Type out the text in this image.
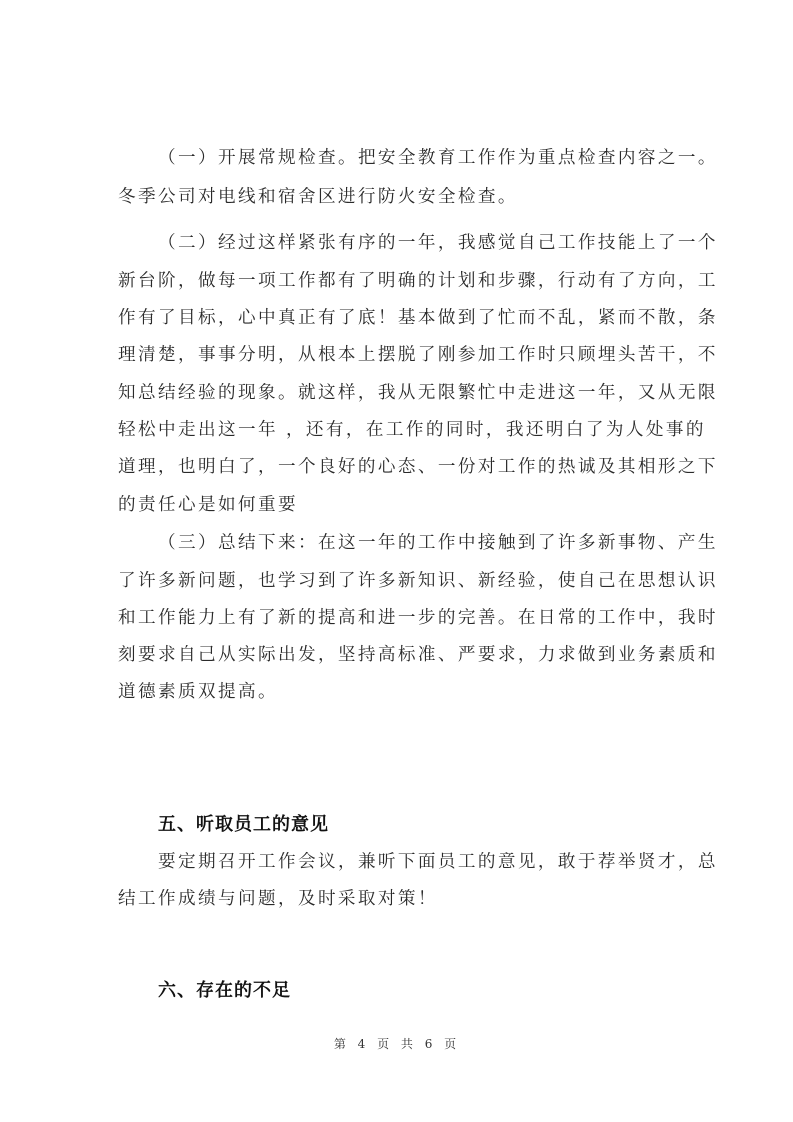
（一）开展常规检查。把安全教育工作作为重点检查内容之一。
冬季公司对电线和宿舍区进行防火安全检查。
（二）经过这样紧张有序的一年，我感觉自己工作技能上了一个
新台阶，做每一项工作都有了明确的计划和步骤，行动有了方向，工
作有了目标，心中真正有了底！基本做到了忙而不乱，紧而不散，条
理清楚，事事分明，从根本上摆脱了刚参加工作时只顾埋头苦干，不
知总结经验的现象。就这样，我从无限繁忙中走进这一年，又从无限
轻松中走出这一年 ，还有，在工作的同时，我还明白了为人处事的
道理，也明白了，一个良好的心态、一份对工作的热诚及其相形之下
的责任心是如何重要
（三）总结下来：在这一年的工作中接触到了许多新事物、产生
了许多新问题，也学习到了许多新知识、新经验，使自己在思想认识
和工作能力上有了新的提高和进一步的完善。在日常的工作中，我时
刻要求自己从实际出发，坚持高标准、严要求，力求做到业务素质和
道德素质双提高。
五、听取员工的意见
要定期召开工作会议，兼听下面员工的意见，敢于荐举贤才，总
结工作成绩与问题，及时采取对策！
六、存在的不足
第 4 页 共 6 页
